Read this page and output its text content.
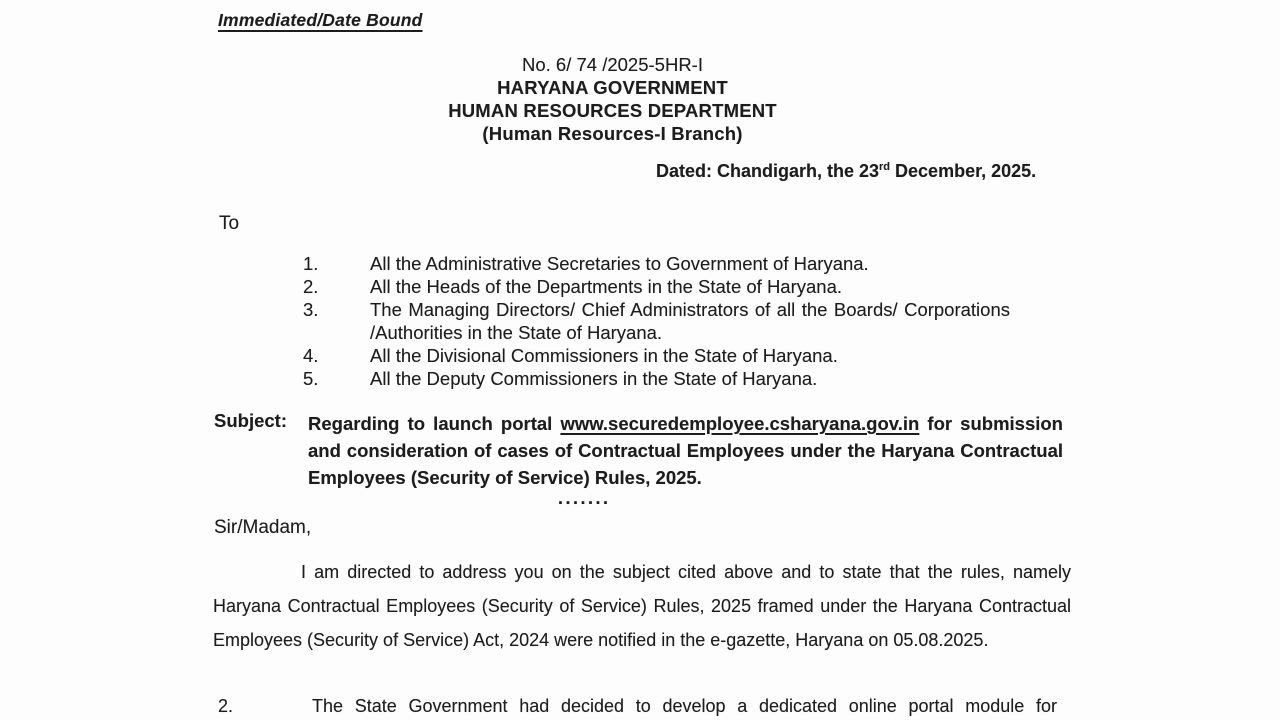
Immediated/Date Bound
No. 6/ 74 /2025-5HR-I
HARYANA GOVERNMENT
HUMAN RESOURCES DEPARTMENT
(Human Resources-I Branch)
Dated: Chandigarh, the 23rd December, 2025.
To
1.	All the Administrative Secretaries to Government of Haryana.
2.	All the Heads of the Departments in the State of Haryana.
3.	The Managing Directors/ Chief Administrators of all the Boards/ Corporations /Authorities in the State of Haryana.
4.	All the Divisional Commissioners in the State of Haryana.
5.	All the Deputy Commissioners in the State of Haryana.
Subject: Regarding to launch portal www.securedemployee.csharyana.gov.in for submission and consideration of cases of Contractual Employees under the Haryana Contractual Employees (Security of Service) Rules, 2025.
.......
Sir/Madam,
I am directed to address you on the subject cited above and to state that the rules, namely Haryana Contractual Employees (Security of Service) Rules, 2025 framed under the Haryana Contractual Employees (Security of Service) Act, 2024 were notified in the e-gazette, Haryana on 05.08.2025.
2.	The State Government had decided to develop a dedicated online portal module for
